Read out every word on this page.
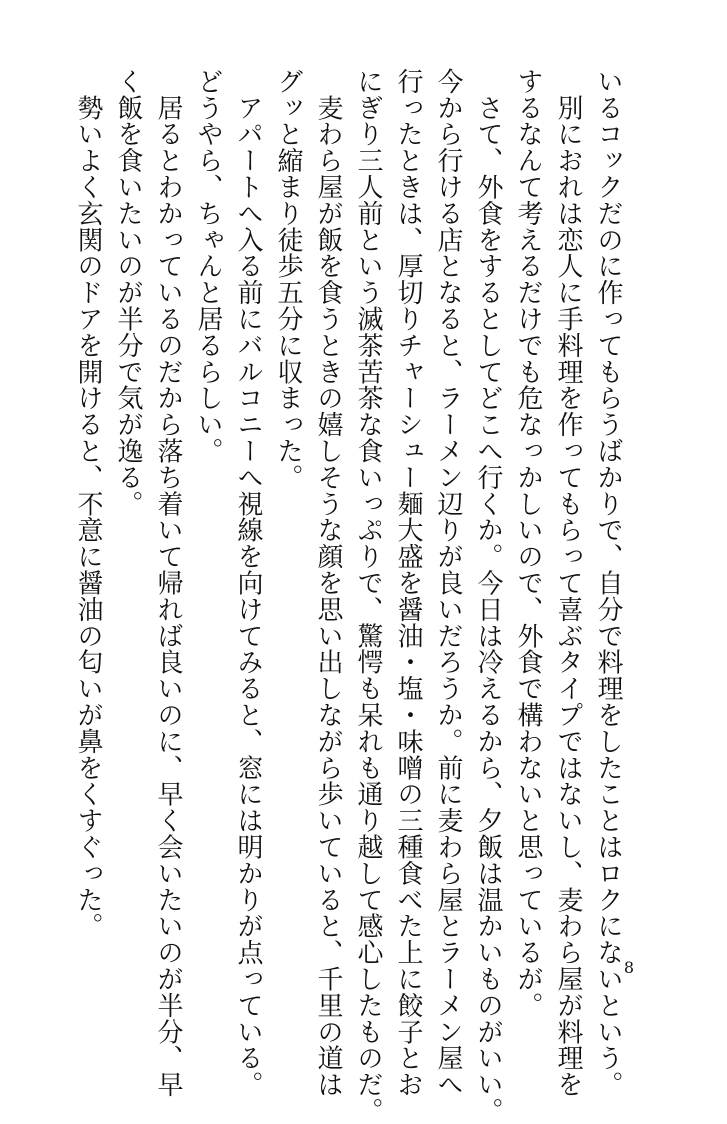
いるコックだのに作ってもらうばかりで、自分で料理をしたことはロクにないという。
　別におれは恋人に手料理を作ってもらって喜ぶタイプではないし、麦わら屋が料理を
するなんて考えるだけでも危なっかしいので、外食で構わないと思っているが。
　さて、外食をするとしてどこへ行くか。今日は冷えるから、夕飯は温かいものがいい。
今から行ける店となると、ラーメン辺りが良いだろうか。前に麦わら屋とラーメン屋へ
行ったときは、厚切りチャーシュー麺大盛を醤油・塩・味噌の三種食べた上に餃子とお
にぎり三人前という滅茶苦茶な食いっぷりで、驚愕も呆れも通り越して感心したものだ。
　麦わら屋が飯を食うときの嬉しそうな顔を思い出しながら歩いていると、千里の道は
グッと縮まり徒歩五分に収まった。
　アパートへ入る前にバルコニーへ視線を向けてみると、窓には明かりが点っている。
どうやら、ちゃんと居るらしい。
　居るとわかっているのだから落ち着いて帰れば良いのに、早く会いたいのが半分、早
く飯を食いたいのが半分で気が逸る。
　勢いよく玄関のドアを開けると、不意に醤油の匂いが鼻をくすぐった。
8
